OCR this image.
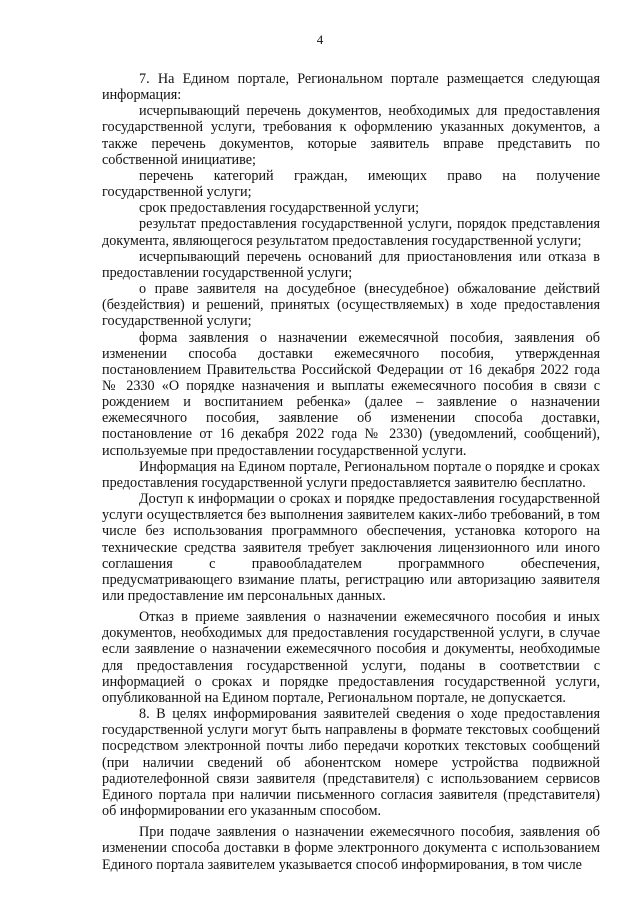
4

7. На Едином портале, Региональном портале размещается следующая информация:

исчерпывающий перечень документов, необходимых для предоставления государственной услуги, требования к оформлению указанных документов, а также перечень документов, которые заявитель вправе представить по собственной инициативе;

перечень категорий граждан, имеющих право на получение государственной услуги;

срок предоставления государственной услуги;

результат предоставления государственной услуги, порядок представления документа, являющегося результатом предоставления государственной услуги;

исчерпывающий перечень оснований для приостановления или отказа в предоставлении государственной услуги;

о праве заявителя на досудебное (внесудебное) обжалование действий (бездействия) и решений, принятых (осуществляемых) в ходе предоставления государственной услуги;

форма заявления о назначении ежемесячной пособия, заявления об изменении способа доставки ежемесячного пособия, утвержденная постановлением Правительства Российской Федерации от 16 декабря 2022 года № 2330 «О порядке назначения и выплаты ежемесячного пособия в связи с рождением и воспитанием ребенка» (далее – заявление о назначении ежемесячного пособия, заявление об изменении способа доставки, постановление от 16 декабря 2022 года № 2330) (уведомлений, сообщений), используемые при предоставлении государственной услуги.

Информация на Едином портале, Региональном портале о порядке и сроках предоставления государственной услуги предоставляется заявителю бесплатно.

Доступ к информации о сроках и порядке предоставления государственной услуги осуществляется без выполнения заявителем каких-либо требований, в том числе без использования программного обеспечения, установка которого на технические средства заявителя требует заключения лицензионного или иного соглашения с правообладателем программного обеспечения, предусматривающего взимание платы, регистрацию или авторизацию заявителя или предоставление им персональных данных.

Отказ в приеме заявления о назначении ежемесячного пособия и иных документов, необходимых для предоставления государственной услуги, в случае если заявление о назначении ежемесячного пособия и документы, необходимые для предоставления государственной услуги, поданы в соответствии с информацией о сроках и порядке предоставления государственной услуги, опубликованной на Едином портале, Региональном портале, не допускается.

8. В целях информирования заявителей сведения о ходе предоставления государственной услуги могут быть направлены в формате текстовых сообщений посредством электронной почты либо передачи коротких текстовых сообщений (при наличии сведений об абонентском номере устройства подвижной радиотелефонной связи заявителя (представителя) с использованием сервисов Единого портала при наличии письменного согласия заявителя (представителя) об информировании его указанным способом.

При подаче заявления о назначении ежемесячного пособия, заявления об изменении способа доставки в форме электронного документа с использованием Единого портала заявителем указывается способ информирования, в том числе
